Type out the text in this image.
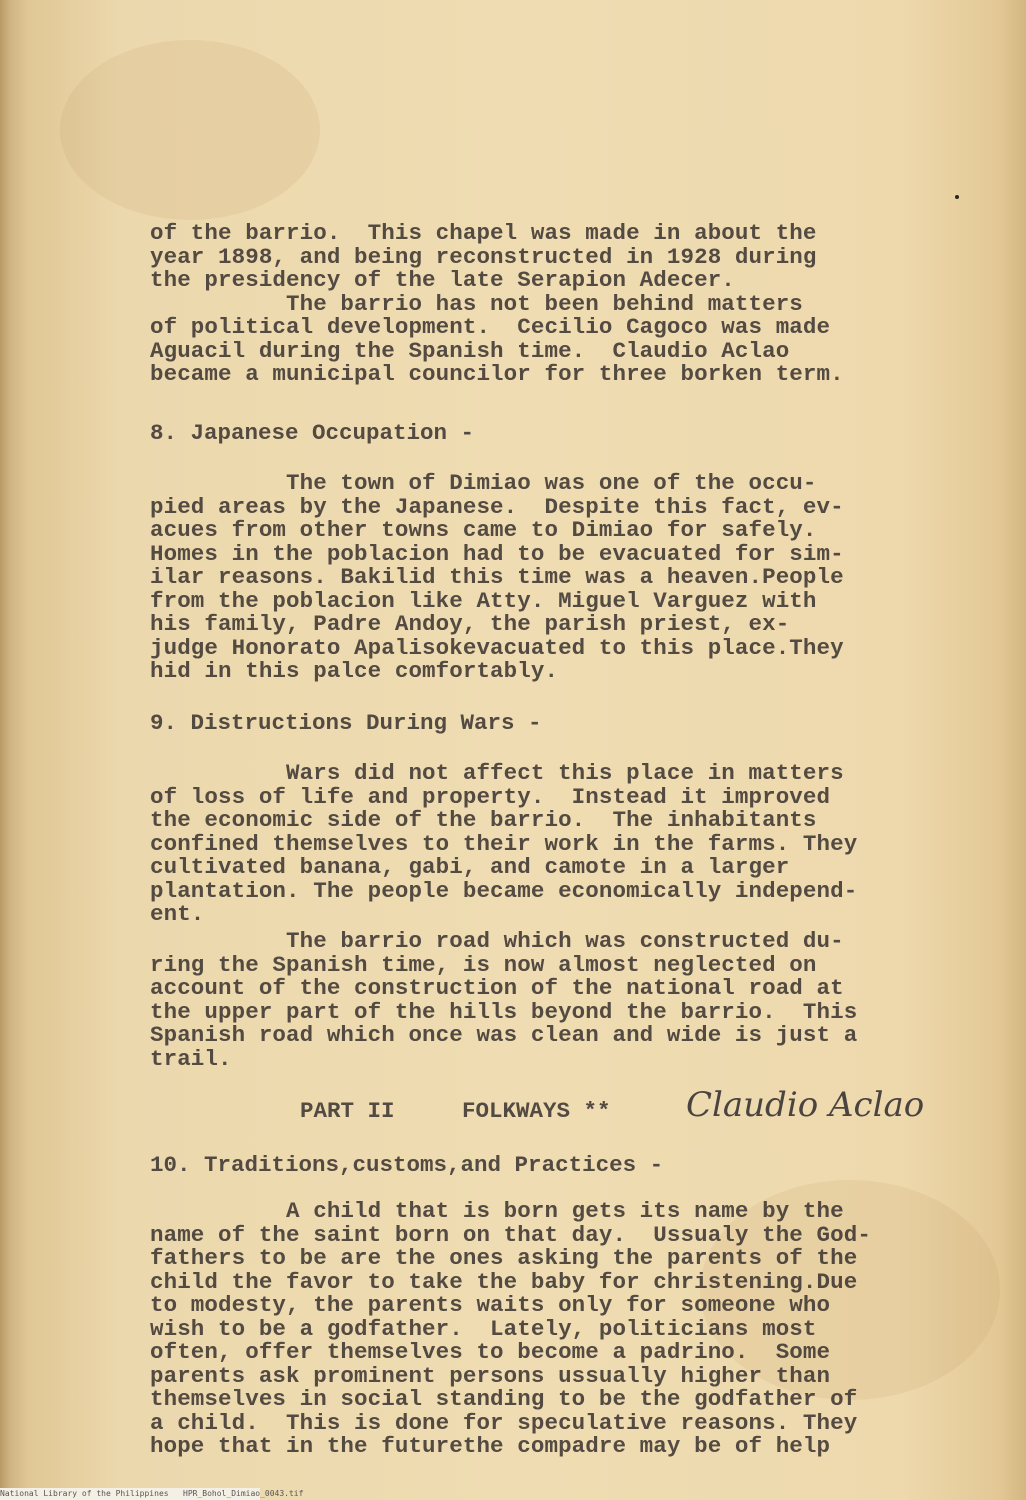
of the barrio.  This chapel was made in about the
year 1898, and being reconstructed in 1928 during
the presidency of the late Serapion Adecer.
The barrio has not been behind matters
of political development.  Cecilio Cagoco was made
Aguacil during the Spanish time.  Claudio Aclao
became a municipal councilor for three borken term.
8. Japanese Occupation -
The town of Dimiao was one of the occu-
pied areas by the Japanese.  Despite this fact, ev-
acues from other towns came to Dimiao for safely.
Homes in the poblacion had to be evacuated for sim-
ilar reasons. Bakilid this time was a heaven.People
from the poblacion like Atty. Miguel Varguez with
his family, Padre Andoy, the parish priest, ex-
judge Honorato Apalisokevacuated to this place.They
hid in this palce comfortably.
9. Distructions During Wars -
Wars did not affect this place in matters
of loss of life and property.  Instead it improved
the economic side of the barrio.  The inhabitants
confined themselves to their work in the farms. They
cultivated banana, gabi, and camote in a larger
plantation. The people became economically independ-
ent.
The barrio road which was constructed du-
ring the Spanish time, is now almost neglected on
account of the construction of the national road at
the upper part of the hills beyond the barrio.  This
Spanish road which once was clean and wide is just a
trail.
PART II     FOLKWAYS ** Claudio Aclao
10. Traditions,customs,and Practices -
A child that is born gets its name by the
name of the saint born on that day.  Ussualy the God-
fathers to be are the ones asking the parents of the
child the favor to take the baby for christening.Due
to modesty, the parents waits only for someone who
wish to be a godfather.  Lately, politicians most
often, offer themselves to become a padrino.  Some
parents ask prominent persons ussually higher than
themselves in social standing to be the godfather of
a child.  This is done for speculative reasons. They
hope that in the futurethe compadre may be of help
National Library of the Philippines   HPR_Bohol_Dimiao_0043.tif
